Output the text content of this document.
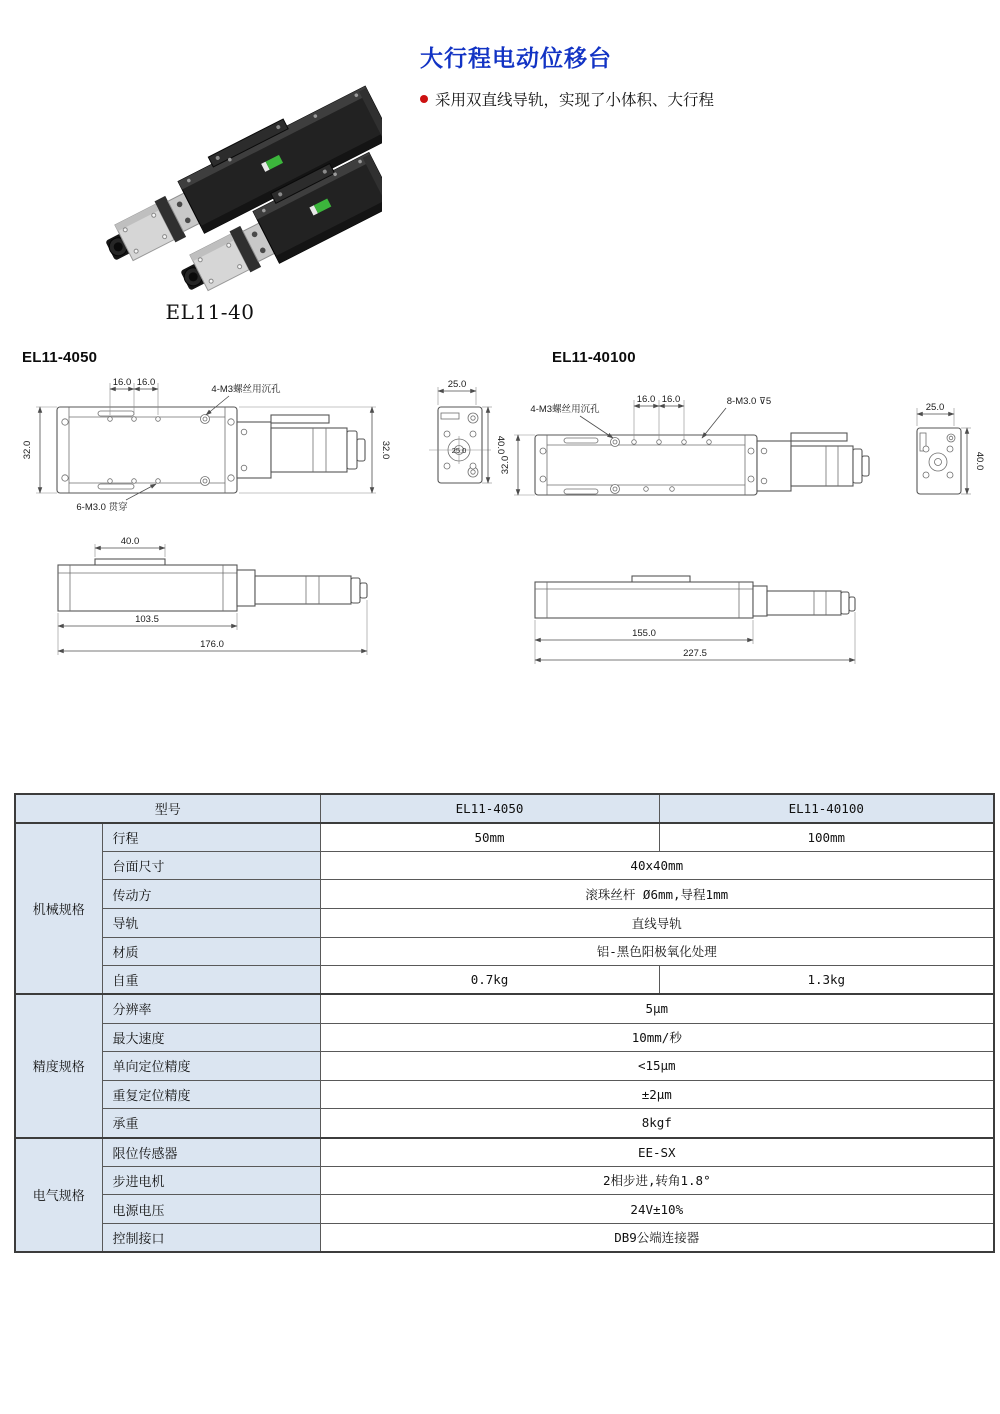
EL11-40
大行程电动位移台
采用双直线导轨，实现了小体积、大行程
EL11-4050	EL11-40100
16.0 16.0
4-M3螺丝用沉孔
32.0	32.0
6-M3.0 贯穿
25.0
25.0
40.0
4-M3螺丝用沉孔
16.0 16.0	8-M3.0 ⊽5
32.0
25.0
40.0
40.0
103.5
176.0
155.0
227.5
型号		EL11-4050	EL11-40100
机械规格	行程	50mm	100mm
	台面尺寸	40x40mm	
	传动方	滚珠丝杆 Ø6mm,导程1mm	
	导轨	直线导轨	
	材质	铝-黑色阳极氧化处理	
	自重	0.7kg	1.3kg
精度规格	分辨率	5μm	
	最大速度	10mm/秒	
	单向定位精度	<15μm	
	重复定位精度	±2μm	
	承重	8kgf	
电气规格	限位传感器	EE-SX	
	步进电机	2相步进,转角1.8°	
	电源电压	24V±10%	
	控制接口	DB9公端连接器	
